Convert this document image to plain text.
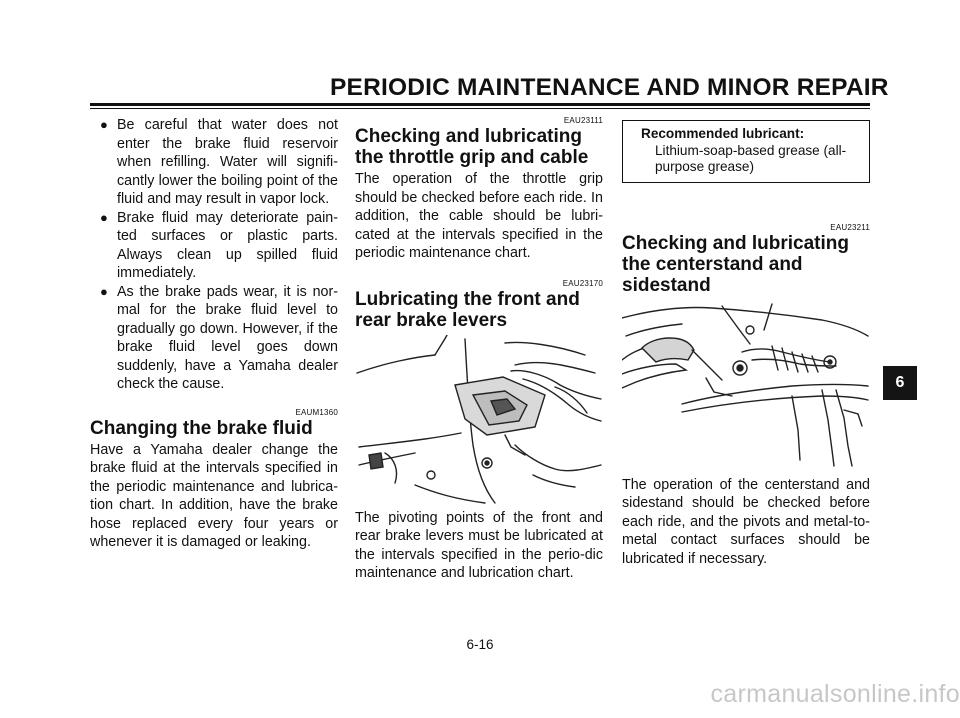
PERIODIC MAINTENANCE AND MINOR REPAIR
● Be careful that water does not enter the brake fluid reservoir when refilling. Water will signifi-cantly lower the boiling point of the fluid and may result in vapor lock.
● Brake fluid may deteriorate pain-ted surfaces or plastic parts. Always clean up spilled fluid immediately.
● As the brake pads wear, it is nor-mal for the brake fluid level to gradually go down. However, if the brake fluid level goes down suddenly, have a Yamaha dealer check the cause.
EAUM1360
Changing the brake fluid

Have a Yamaha dealer change the brake fluid at the intervals specified in the periodic maintenance and lubrica-tion chart. In addition, have the brake hose replaced every four years or whenever it is damaged or leaking.

EAU23111
Checking and lubricating the throttle grip and cable

The operation of the throttle grip should be checked before each ride. In addition, the cable should be lubri-cated at the intervals specified in the periodic maintenance chart.

EAU23170
Lubricating the front and rear brake levers

The pivoting points of the front and rear brake levers must be lubricated at the intervals specified in the perio-dic maintenance and lubrication chart.

Recommended lubricant:
Lithium-soap-based grease (all-purpose grease)
EAU23211
Checking and lubricating the centerstand and sidestand

The operation of the centerstand and sidestand should be checked before each ride, and the pivots and metal-to-metal contact surfaces should be lubricated if necessary.

6
6-16
carmanualsonline.info
